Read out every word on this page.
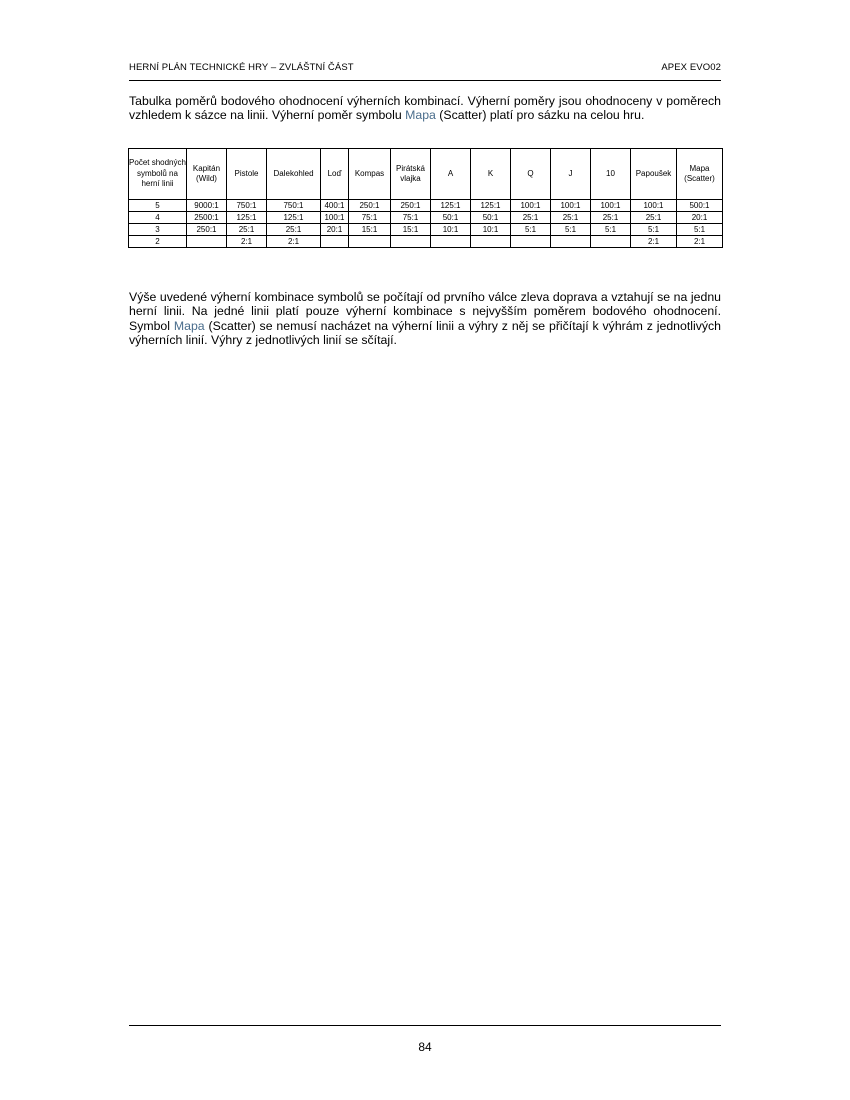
HERNÍ PLÁN TECHNICKÉ HRY – ZVLÁŠTNÍ ČÁST	APEX EVO02

Tabulka poměrů bodového ohodnocení výherních kombinací. Výherní poměry jsou ohodnoceny v poměrech vzhledem k sázce na linii. Výherní poměr symbolu Mapa (Scatter) platí pro sázku na celou hru.

Počet shodných symbolů na herní linii	Kapitán (Wild)	Pistole	Dalekohled	Loď	Kompas	Pirátská vlajka	A	K	Q	J	10	Papoušek	Mapa (Scatter)
5	9000:1	750:1	750:1	400:1	250:1	250:1	125:1	125:1	100:1	100:1	100:1	100:1	500:1
4	2500:1	125:1	125:1	100:1	75:1	75:1	50:1	50:1	25:1	25:1	25:1	25:1	20:1
3	250:1	25:1	25:1	20:1	15:1	15:1	10:1	10:1	5:1	5:1	5:1	5:1	5:1
2		2:1	2:1									2:1	2:1

Výše uvedené výherní kombinace symbolů se počítají od prvního válce zleva doprava a vztahují se na jednu herní linii. Na jedné linii platí pouze výherní kombinace s nejvyšším poměrem bodového ohodnocení. Symbol Mapa (Scatter) se nemusí nacházet na výherní linii a výhry z něj se přičítají k výhrám z jednotlivých výherních linií. Výhry z jednotlivých linií se sčítají.

84
